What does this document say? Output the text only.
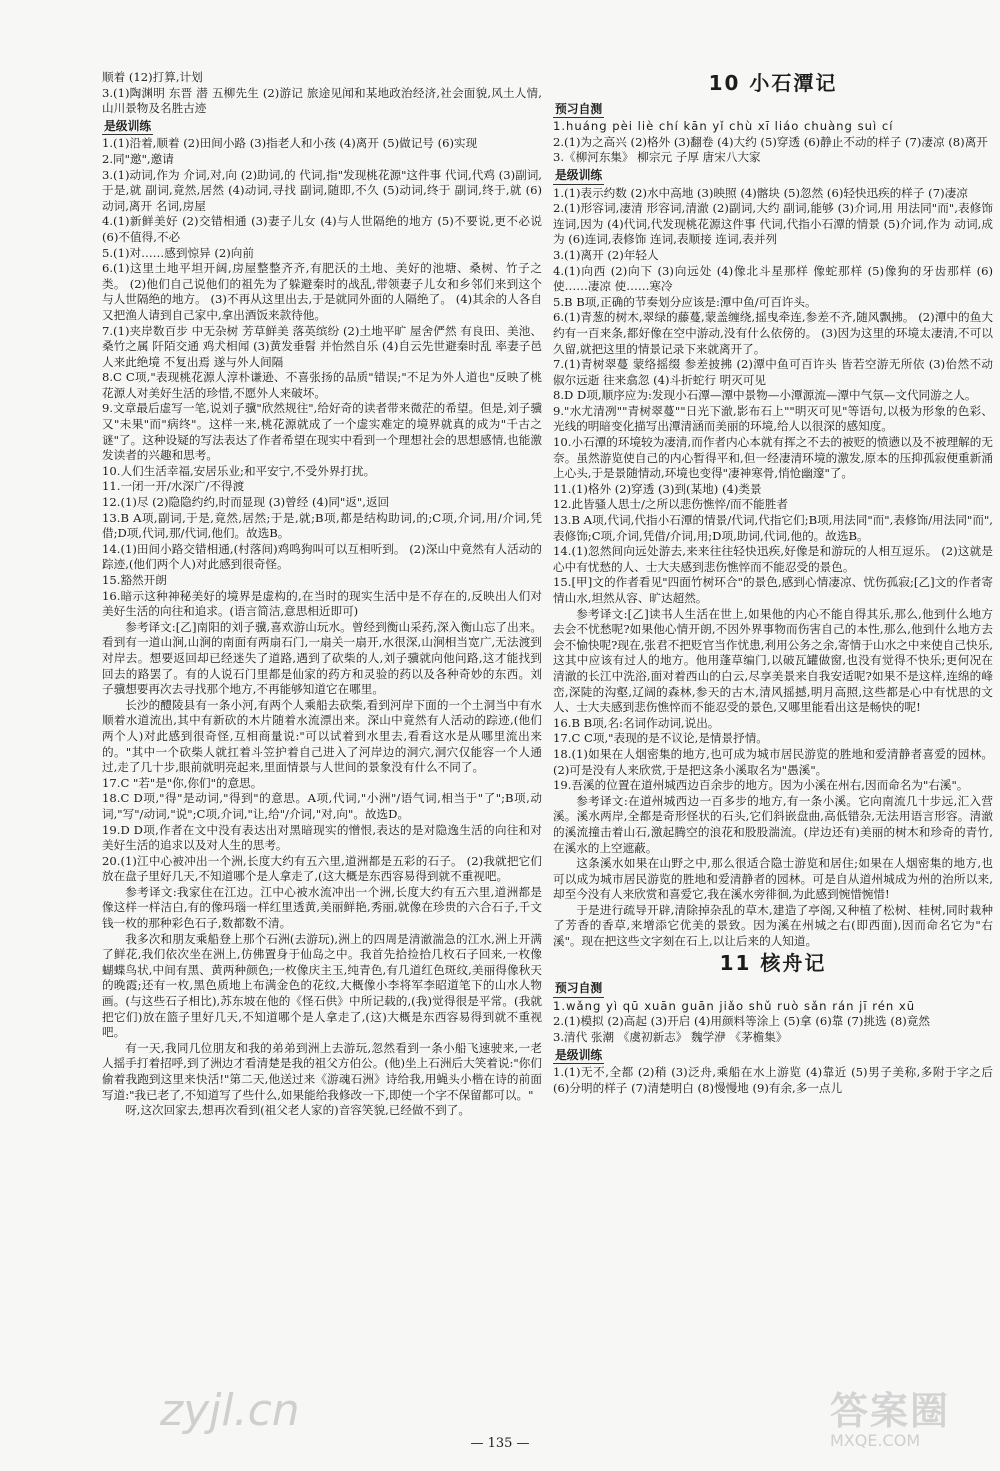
顺着 (12)打算,计划

3.(1)陶渊明 东晋 潜 五柳先生 (2)游记 旅途见闻和某地政治经济,社会面貌,风土人情,山川景物及名胜古迹

是级训练

1.(1)沿着,顺着 (2)田间小路 (3)指老人和小孩 (4)离开 (5)做记号 (6)实现

2.同"邀",邀请

3.(1)动词,作为 介词,对,向 (2)助词,的 代词,指"发现桃花源"这件事 代词,代鸡 (3)副词,于是,就 副词,竟然,居然 (4)动词,寻找 副词,随即,不久 (5)动词,终于 副词,终于,就 (6)动词,离开 名词,房屋

4.(1)新鲜美好 (2)交错相通 (3)妻子儿女 (4)与人世隔绝的地方 (5)不要说,更不必说 (6)不值得,不必

5.(1)对……感到惊异 (2)向前

6.(1)这里土地平坦开阔,房屋整整齐齐,有肥沃的土地、美好的池塘、桑树、竹子之类。 (2)他们自己说他们的祖先为了躲避秦时的战乱,带领妻子儿女和乡邻们来到这个与人世隔绝的地方。 (3)不再从这里出去,于是就同外面的人隔绝了。 (4)其余的人各自又把渔人请到自己家中,拿出酒饭来款待他。

7.(1)夹岸数百步 中无杂树 芳草鲜美 落英缤纷 (2)土地平旷 屋舍俨然 有良田、美池、桑竹之属 阡陌交通 鸡犬相闻 (3)黄发垂髫 并怡然自乐 (4)自云先世避秦时乱 率妻子邑人来此绝境 不复出焉 遂与外人间隔

8.C C项,"表现桃花源人淳朴谦逊、不喜张扬的品质"错误;"不足为外人道也"反映了桃花源人对美好生活的珍惜,不愿外人来破坏。

9.文章最后虚写一笔,说刘子骥"欣然规往",给好奇的读者带来微茫的希望。但是,刘子骥又"未果"而"病终"。这样一来,桃花源就成了一个虚实难定的境界就真的成为"千古之谜"了。这种设疑的写法表达了作者希望在现实中看到一个理想社会的思想感情,也能激发读者的兴趣和思考。

10.人们生活幸福,安居乐业;和平安宁,不受外界打扰。

11.一闭一开/水深广/不得渡

12.(1)尽 (2)隐隐约约,时而显现 (3)曾经 (4)同"返",返回

13.B A项,副词,于是,竟然,居然;于是,就;B项,都是结构助词,的;C项,介词,用/介词,凭借;D项,代词,那/代词,他们。故选B。

14.(1)田间小路交错相通,(村落间)鸡鸣狗叫可以互相听到。 (2)深山中竟然有人活动的踪迹,(他们两个人)对此感到很奇怪。

15.豁然开朗

16.暗示这种神秘美好的境界是虚构的,在当时的现实生活中是不存在的,反映出人们对美好生活的向往和追求。(语言简洁,意思相近即可)

参考译文:[乙]南阳的刘子骥,喜欢游山玩水。曾经到衡山采药,深入衡山忘了出来。看到有一道山涧,山涧的南面有两扇石门,一扇关一扇开,水很深,山涧相当宽广,无法渡到对岸去。想要返回却已经迷失了道路,遇到了砍柴的人,刘子骥就向他问路,这才能找到回去的路罢了。有的人说石门里都是仙家的药方和灵验的药以及各种奇妙的东西。刘子骥想要再次去寻找那个地方,不再能够知道它在哪里。

长沙的醴陵县有一条小河,有两个人乘船去砍柴,看到河岸下面的一个土洞当中有水顺着水道流出,其中有新砍的木片随着水流漂出来。深山中竟然有人活动的踪迹,(他们两个人)对此感到很奇怪,互相商量说:"可以试着到水里去,看看这水是从哪里流出来的。"其中一个砍柴人就扛着斗笠护着自己进入了河岸边的洞穴,洞穴仅能容一个人通过,走了几十步,眼前就明亮起来,里面情景与人世间的景象没有什么不同了。

17.C "若"是"你,你们"的意思。

18.C D项,"得"是动词,"得到"的意思。A项,代词,"小洲"/语气词,相当于"了";B项,动词,"写"/动词,"说";C项,介词,"让,给"/介词,"对,向"。故选D。

19.D D项,作者在文中没有表达出对黑暗现实的憎恨,表达的是对隐逸生活的向往和对美好生活的追求以及对人生的思考。

20.(1)江中心被冲出一个洲,长度大约有五六里,道洲都是五彩的石子。 (2)我就把它们放在盘子里好几天,不知道哪个是人拿走了,(这大概是东西容易得到就不重视吧。

参考译文:我家住在江边。江中心被水流冲出一个洲,长度大约有五六里,道洲都是像这样一样洁白,有的像玛瑙一样红里透黄,美丽鲜艳,秀丽,就像在珍贵的六合石子,千文钱一枚的那种彩色石子,数都数不清。

我多次和朋友乘船登上那个石洲(去游玩),洲上的四周是清澈湍急的江水,洲上开满了鲜花,我们依次坐在洲上,仿佛置身于仙岛之中。我首先拾捡拾几枚石子回来,一枚像蝴蝶鸟状,中间有黑、黄两种颜色;一枚像庆主玉,纯青色,有几道红色斑纹,美丽得像秋天的晚霞;还有一枚,黑色质地上布满金色的花纹,大概像小李将军李昭道笔下的山水人物画。(与这些石子相比),苏东坡在他的《怪石供》中所记载的,(我)觉得很是平常。(我就把它们)放在篮子里好几天,不知道哪个是人拿走了,(这)大概是东西容易得到就不重视吧。

有一天,我同几位朋友和我的弟弟到洲上去游玩,忽然看到一条小船飞速驶来,一老人摇手打着招呼,到了洲边才看清楚是我的祖父方伯公。(他)坐上石洲后大笑着说:"你们偷着我跑到这里来快活!"第二天,他送过来《游魂石洲》诗给我,用蝇头小楷在诗的前面写道:"我已老了,不知道写了些什么,如果能给我修改一下,即使一个字不保留都可以。"

呀,这次回家去,想再次看到(祖父老人家的)音容笑貌,已经做不到了。

10 小石潭记
预习自测

1.huáng pèi liè chí kān yǐ chù xī liáo chuàng suì cí

2.(1)为之高兴 (2)格外 (3)翻卷 (4)大约 (5)穿透 (6)静止不动的样子 (7)凄凉 (8)离开

3.《柳河东集》 柳宗元 子厚 唐宋八大家

是级训练

1.(1)表示约数 (2)水中高地 (3)映照 (4)髂块 (5)忽然 (6)轻快迅疾的样子 (7)凄凉

2.(1)形容词,凄清 形容词,清澈 (2)副词,大约 副词,能够 (3)介词,用 用法同"而",表修饰 连词,因为 (4)代词,代发现桃花源这件事 代词,代指小石潭的情景 (5)介词,作为 动词,成为 (6)连词,表修饰 连词,表顺接 连词,表并列

3.(1)离开 (2)年轻人

4.(1)向西 (2)向下 (3)向远处 (4)像北斗星那样 像蛇那样 (5)像狗的牙齿那样 (6)使……凄凉 使……寒冷

5.B B项,正确的节奏划分应该是:潭中鱼/可百许头。

6.(1)青葱的树木,翠绿的藤蔓,蒙盖缠绕,摇曳牵连,参差不齐,随风飘拂。 (2)潭中的鱼大约有一百来条,都好像在空中游动,没有什么依傍的。 (3)因为这里的环境太凄清,不可以久留,就把这里的情景记录下来就离开了。

7.(1)青树翠蔓 蒙络摇缀 参差披拂 (2)潭中鱼可百许头 皆若空游无所依 (3)佁然不动 俶尔远逝 往来翕忽 (4)斗折蛇行 明灭可见

8.D D项,顺序应为:发现小石潭—潭中景物—小潭源流—潭中气氛—文代同游之人。

9."水尤清冽""青树翠蔓""日光下澈,影布石上""明灭可见"等语句,以极为形象的色彩、光线的明暗变化描写出潭清涵而美丽的环境,给人以很深的感知度。

10.小石潭的环境较为凄清,而作者内心本就有挥之不去的被贬的愤懑以及不被理解的无奈。虽然游览使自己的内心暂得平和,但一经凄清环境的激发,原本的压抑孤寂便重新涌上心头,于是景随情动,环境也变得"凄神寒骨,悄怆幽邃"了。

11.(1)格外 (2)穿透 (3)到(某地) (4)类景

12.此皆骚人思士/之所以悲伤憔悴/而不能胜者

13.B A项,代词,代指小石潭的情景/代词,代指它们;B项,用法同"而",表修饰/用法同"而",表修饰;C项,介词,凭借/介词,用;D项,助词,代词,他的。故选B。

14.(1)忽然间向远处游去,来来往往轻快迅疾,好像是和游玩的人相互逗乐。 (2)这就是心中有忧愁的人、士大夫感到悲伤憔悴而不能忍受的景色。

15.[甲]文的作者看见"四面竹树环合"的景色,感到心情凄凉、忧伤孤寂;[乙]文的作者寄情山水,坦然从容、旷达超然。

参考译文:[乙]读书人生活在世上,如果他的内心不能自得其乐,那么,他到什么地方去会不忧愁呢?如果他心情开朗,不因外界事物而伤害自己的本性,那么,他到什么地方去会不愉快呢?现在,张君不把贬官当作忧患,利用公务之余,寄情于山水之中来使自己快乐,这其中应该有过人的地方。他用蓬草编门,以破瓦罐做窗,也没有觉得不快乐;更何况在清澈的长江中洗浴,面对着西山的白云,尽享美景来自我安适呢?如果不是这样,连绵的峰峦,深陡的沟壑,辽阔的森林,参天的古木,清风摇撼,明月高照,这些都是心中有忧思的文人、士大夫感到悲伤憔悴而不能忍受的景色,又哪里能看出这是畅快的呢!

16.B B项,名:名词作动词,说出。

17.C C项,"表现的是不议论,是情景抒情。

18.(1)如果在人烟密集的地方,也可成为城市居民游览的胜地和爱清静者喜爱的园林。 (2)可是没有人来欣赏,于是把这条小溪取名为"愚溪"。

19.吾溪的位置在道州城西边百余步的地方。因为小溪在州右,因而命名为"右溪"。

参考译文:在道州城西边一百多步的地方,有一条小溪。它向南流几十步远,汇入营溪。溪水两岸,全都是奇形怪状的石头,它们斜嵌盘曲,高低错杂,无法用语言形容。清澈的溪流撞击着山石,激起腾空的浪花和股股湍流。(岸边还有)美丽的树木和珍奇的青竹,在溪水的上空遮蔽。

这条溪水如果在山野之中,那么很适合隐士游览和居住;如果在人烟密集的地方,也可以成为城市居民游览的胜地和爱清静者的园林。可是自从道州城成为州的治所以来,却至今没有人来欣赏和喜爱它,我在溪水旁徘徊,为此感到惋惜惋惜!

于是进行疏导开辟,清除掉杂乱的草木,建造了亭阁,又种植了松树、桂树,同时栽种了芳香的香草,来增添它优美的景致。因为溪在州城之右(即西面),因而命名它为"右溪"。现在把这些文字刻在石上,以让后来的人知道。

11 核舟记
预习自测

1.wǎng yì qū xuān guān jiǎo shǔ ruò sǎn rán jī rén xū

2.(1)模拟 (2)高起 (3)开启 (4)用颜料等涂上 (5)拿 (6)靠 (7)挑选 (8)竟然

3.清代 张潮 《虞初新志》 魏学洢 《茅檐集》

是级训练

1.(1)无不,全都 (2)稍 (3)泛舟,乘船在水上游览 (4)靠近 (5)男子美称,多附于字之后 (6)分明的样子 (7)清楚明白 (8)慢慢地 (9)有余,多一点儿

— 135 —
zyjl.cn	答案圈
MXQE.COM
